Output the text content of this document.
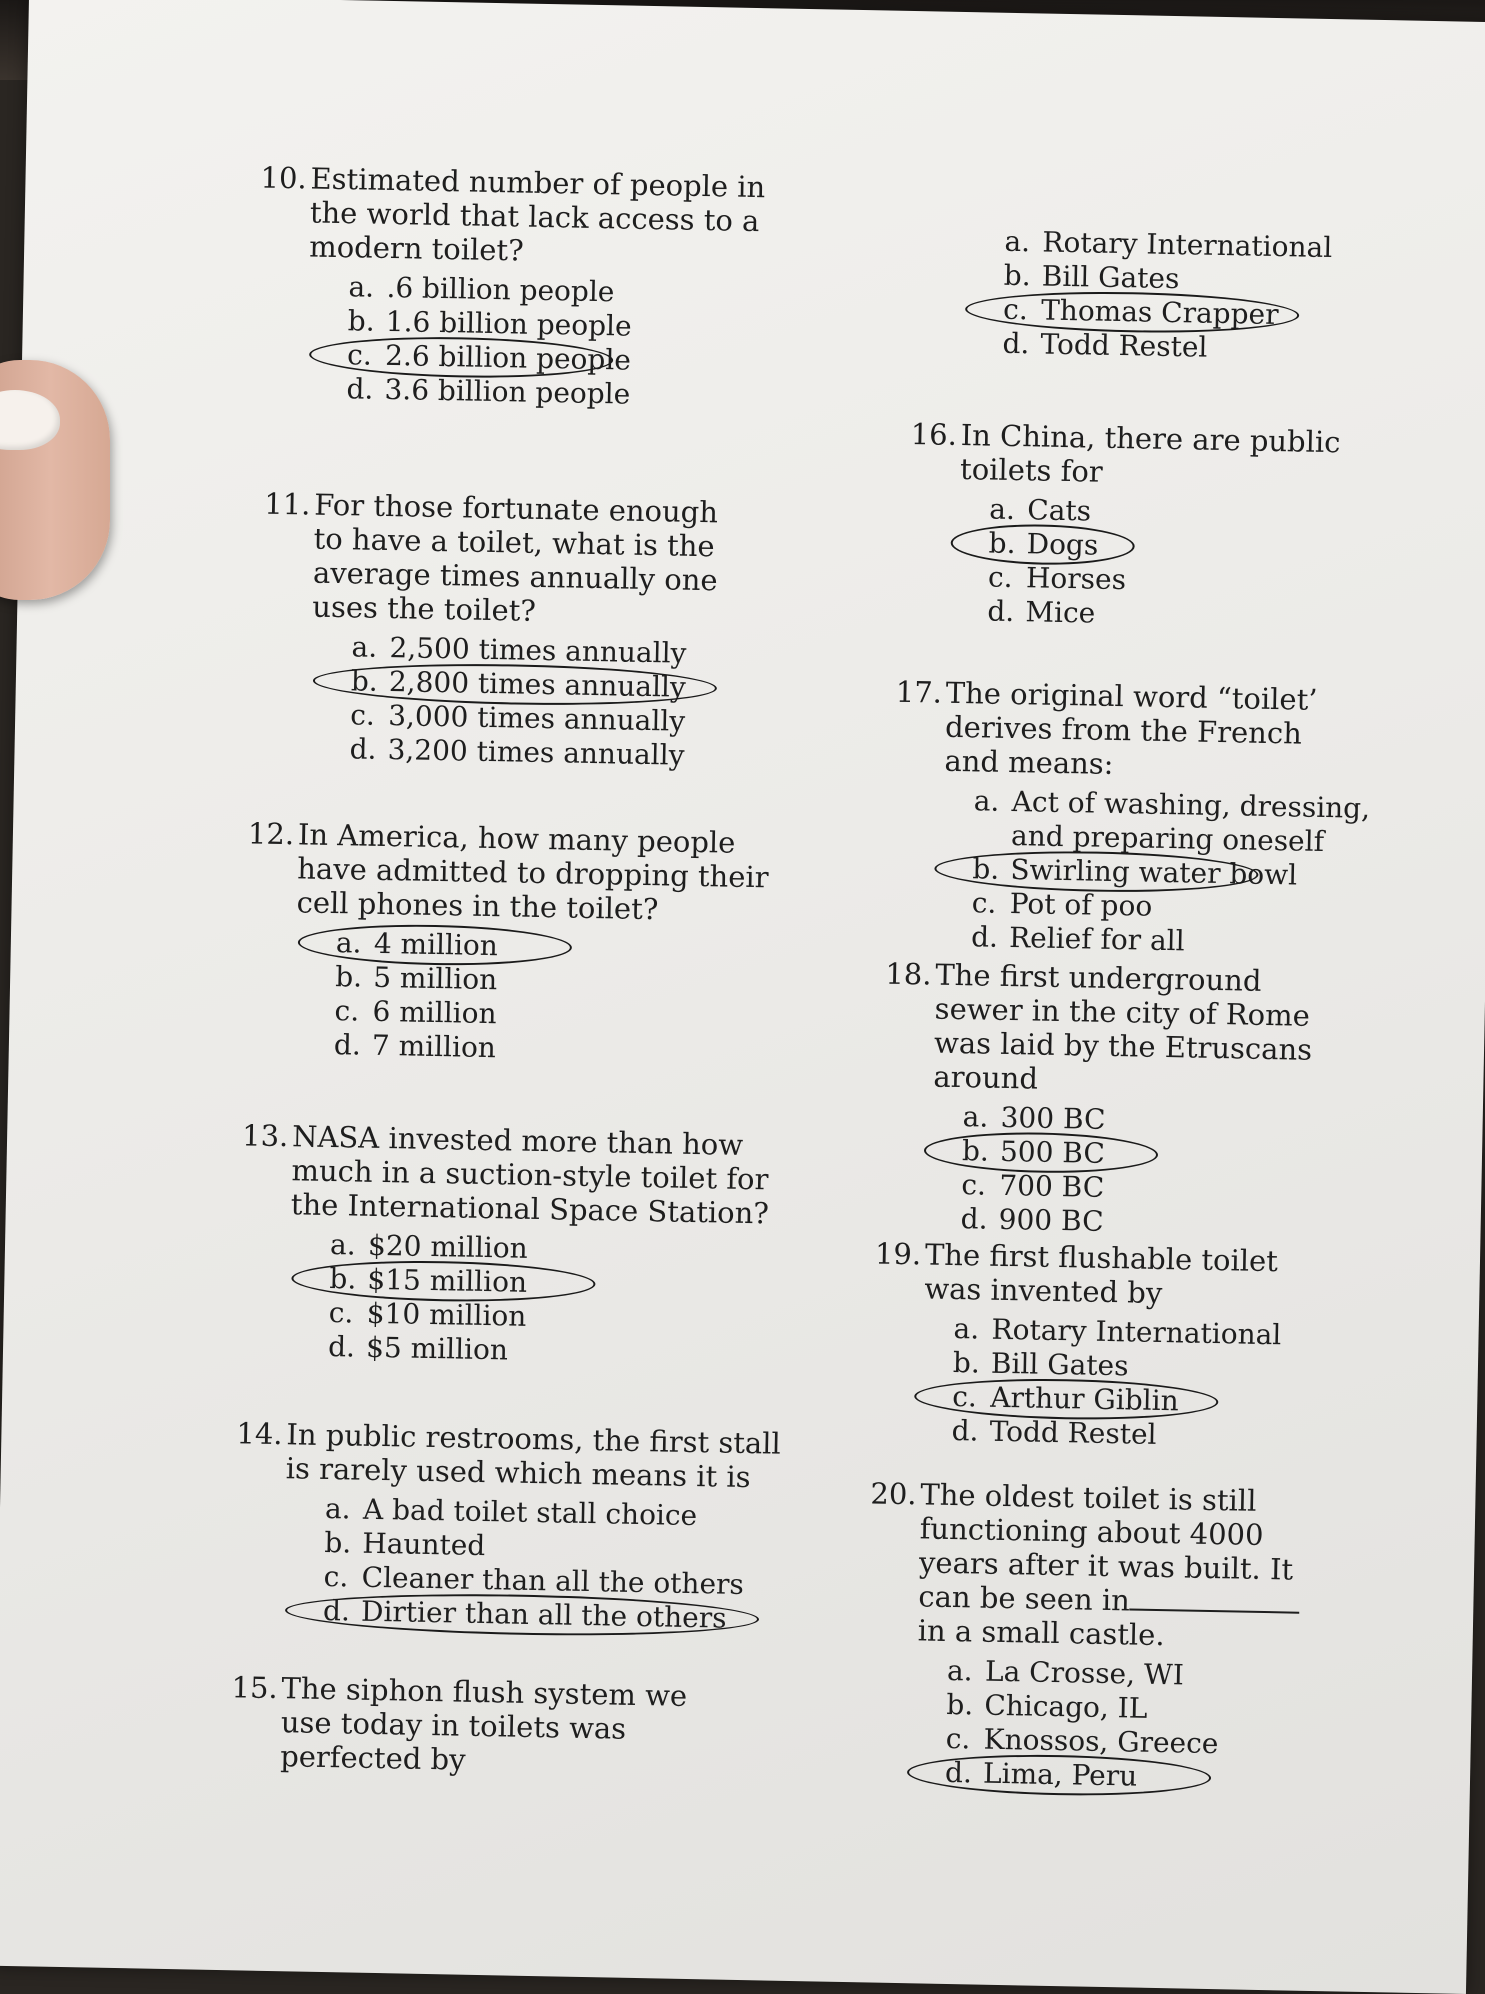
10. Estimated number of people in the world that lack access to a modern toilet?

a. .6 billion people
b. 1.6 billion people
c. 2.6 billion people
d. 3.6 billion people

11. For those fortunate enough to have a toilet, what is the average times annually one uses the toilet?

a. 2,500 times annually
b. 2,800 times annually
c. 3,000 times annually
d. 3,200 times annually

12. In America, how many people have admitted to dropping their cell phones in the toilet?

a. 4 million
b. 5 million
c. 6 million
d. 7 million

13. NASA invested more than how much in a suction-style toilet for the International Space Station?

a. $20 million
b. $15 million
c. $10 million
d. $5 million

14. In public restrooms, the first stall is rarely used which means it is

a. A bad toilet stall choice
b. Haunted
c. Cleaner than all the others
d. Dirtier than all the others

15. The siphon flush system we use today in toilets was perfected by

a. Rotary International
b. Bill Gates
c. Thomas Crapper
d. Todd Restel

16. In China, there are public toilets for

a. Cats
b. Dogs
c. Horses
d. Mice

17. The original word “toilet’ derives from the French and means:

a. Act of washing, dressing,
and preparing oneself
b. Swirling water bowl
c. Pot of poo
d. Relief for all

18. The first underground sewer in the city of Rome was laid by the Etruscans around

a. 300 BC
b. 500 BC
c. 700 BC
d. 900 BC

19. The first flushable toilet was invented by

a. Rotary International
b. Bill Gates
c. Arthur Giblin
d. Todd Restel

20. The oldest toilet is still functioning about 4000 years after it was built. It can be seen in in a small castle.

a. La Crosse, WI
b. Chicago, IL
c. Knossos, Greece
d. Lima, Peru
